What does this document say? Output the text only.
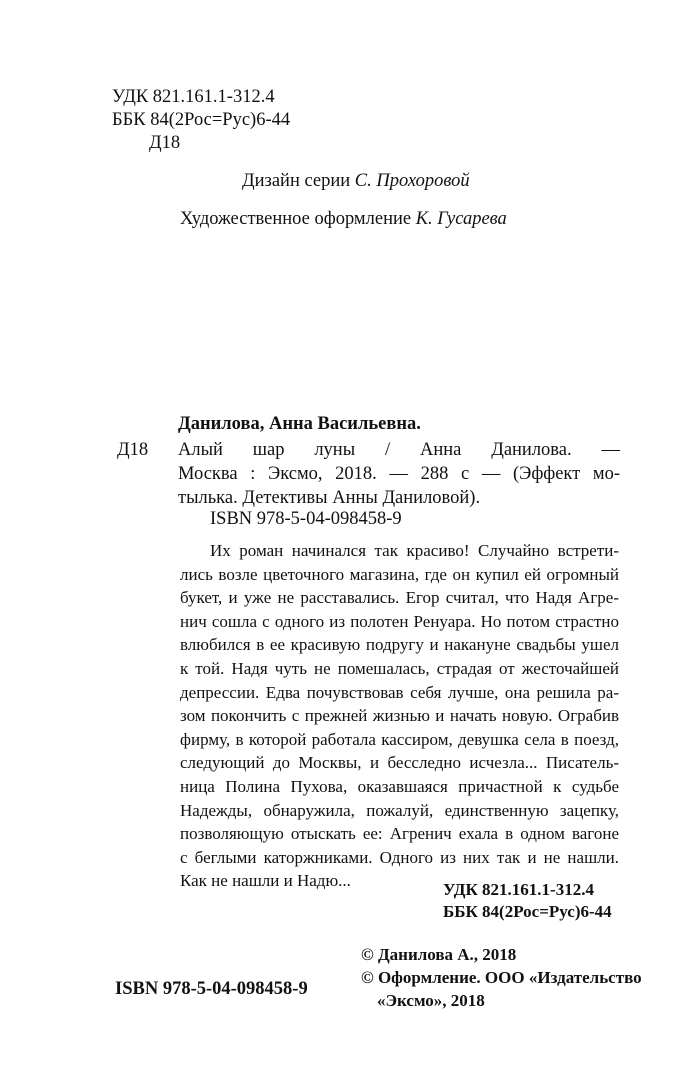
УДК 821.161.1-312.4
ББК 84(2Рос=Рус)6-44
Д18
Дизайн серии С. Прохоровой
Художественное оформление К. Гусарева
Данилова, Анна Васильевна.
Д18 Алый шар луны / Анна Данилова. —
Москва : Эксмо, 2018. — 288 с — (Эффект мо-
тылька. Детективы Анны Даниловой).
ISBN 978-5-04-098458-9
Их роман начинался так красиво! Случайно встрети-
лись возле цветочного магазина, где он купил ей огромный
букет, и уже не расставались. Егор считал, что Надя Агре-
нич сошла с одного из полотен Ренуара. Но потом страстно
влюбился в ее красивую подругу и накануне свадьбы ушел
к той. Надя чуть не помешалась, страдая от жесточайшей
депрессии. Едва почувствовав себя лучше, она решила ра-
зом покончить с прежней жизнью и начать новую. Ограбив
фирму, в которой работала кассиром, девушка села в поезд,
следующий до Москвы, и бесследно исчезла... Писатель-
ница Полина Пухова, оказавшаяся причастной к судьбе
Надежды, обнаружила, пожалуй, единственную зацепку,
позволяющую отыскать ее: Агренич ехала в одном вагоне
с беглыми каторжниками. Одного из них так и не нашли.
Как не нашли и Надю...	УДК 821.161.1-312.4
ББК 84(2Рос=Рус)6-44
© Данилова А., 2018
© Оформление. ООО «Издательство
«Эксмо», 2018
ISBN 978-5-04-098458-9
